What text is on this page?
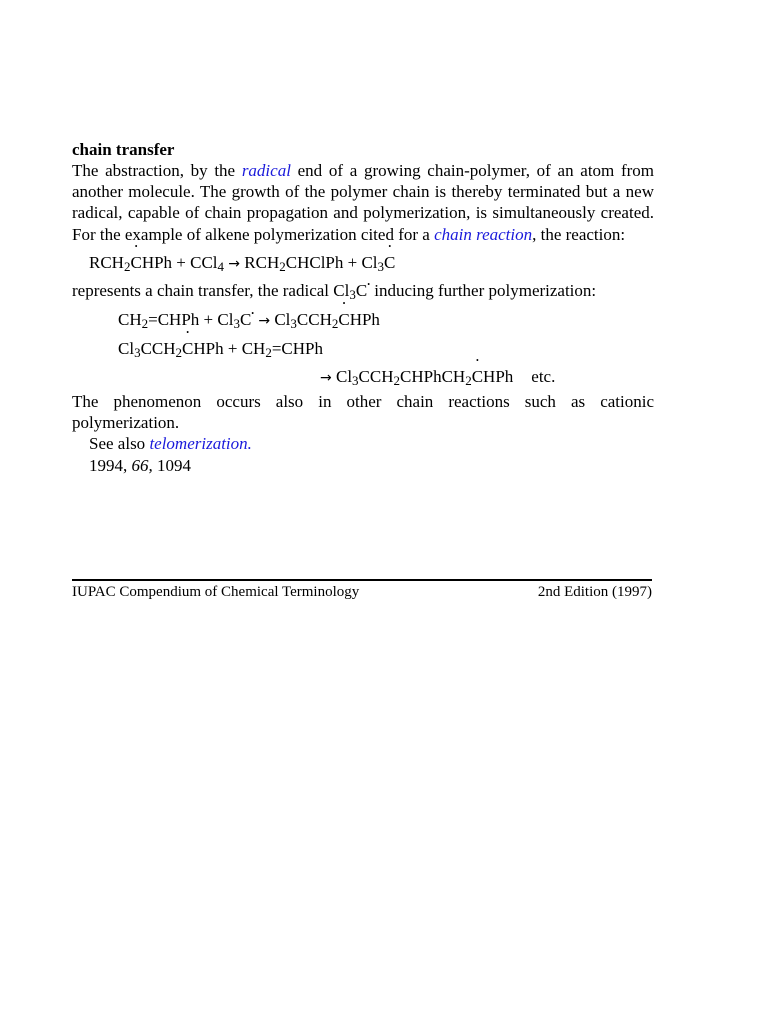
chain transfer

The abstraction, by the radical end of a growing chain-polymer, of an atom from another molecule. The growth of the polymer chain is thereby terminated but a new radical, capable of chain propagation and polymerization, is simultaneously created. For the example of alkene polymerization cited for a chain reaction, the reaction:

$RCH_2C$ •HPh + $CCl_4 \to RCH_2CHClPh + Cl_3C$ •

represents a chain transfer, the radical $Cl_3C^•$ inducing further polymerization:

$CH_2=CHPh + Cl_3C^• \to Cl_3CCH_2C$ •HPh
$Cl_3CCH_2C$ •HPh + $CH_2=CHPh$
→ $Cl_3CCH_2CHPhCH_2C$ •HPh etc.

The phenomenon occurs also in other chain reactions such as cationic polymerization.

See also telomerization.

1994, 66, 1094

IUPAC Compendium of Chemical Terminology	2nd Edition (1997)
